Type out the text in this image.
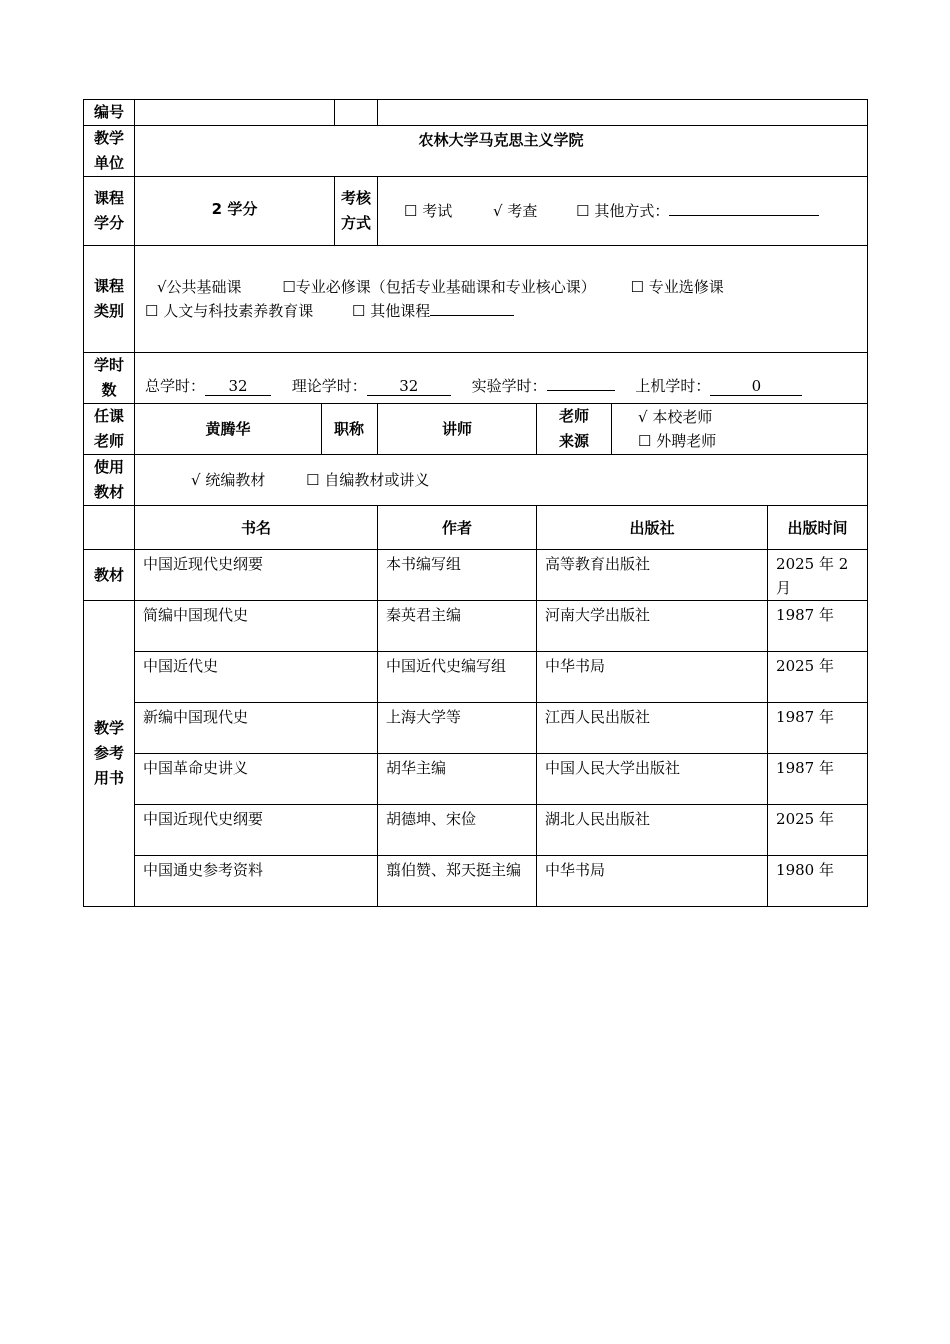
编号							
教学单位	农林大学马克思主义学院						
课程学分	2 学分		考核方式	☐ 考试 √ 考查 ☐ 其他方式：			
课程类别	√公共基础课 ☐专业必修课（包括专业基础课和专业核心课） ☐ 专业选修课
☐ 人文与科技素养教育课 ☐ 其他课程						

学时数	总学时： 32 理论学时： 32 实验学时： 上机学时： 0						
任课老师	黄腾华	职称		讲师	老师来源	√ 本校老师
☐ 外聘老师	

使用教材	√ 统编教材 ☐ 自编教材或讲义						
	书名			作者	出版社		出版时间
教材	中国近现代史纲要			本书编写组	高等教育出版社		2025 年 2 月
教学参考用书	简编中国现代史			秦英君主编	河南大学出版社		1987 年
	中国近代史			中国近代史编写组	中华书局		2025 年
	新编中国现代史			上海大学等	江西人民出版社		1987 年
	中国革命史讲义			胡华主编	中国人民大学出版社		1987 年
	中国近现代史纲要			胡德坤、宋俭	湖北人民出版社		2025 年
	中国通史参考资料			翦伯赞、郑天挺主编	中华书局		1980 年
